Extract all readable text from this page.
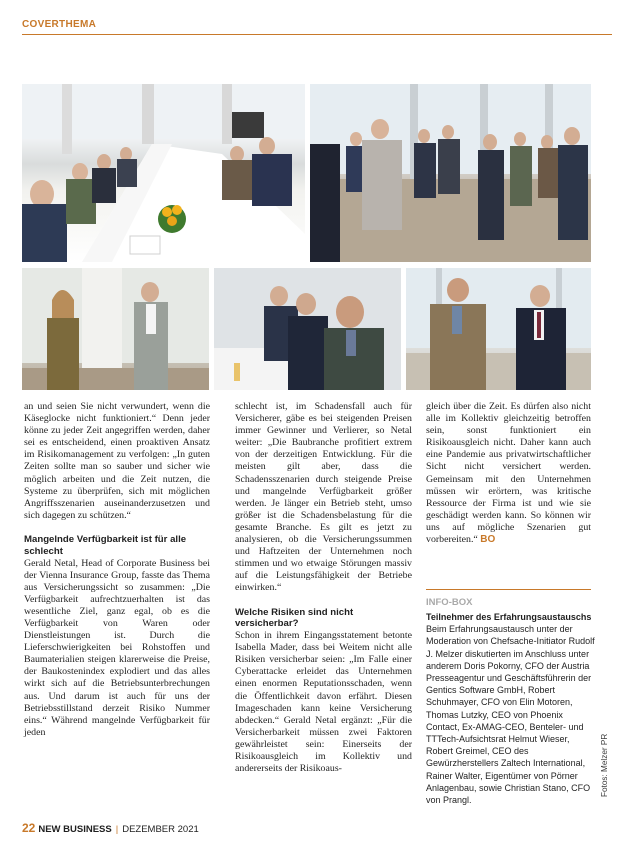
COVERTHEMA

an und seien Sie nicht verwundert, wenn die Käseglocke nicht funktioniert.“ Denn jeder könne zu jeder Zeit angegriffen werden, daher sei es entscheidend, einen proaktiven Ansatz im Risikomanagement zu verfolgen: „In guten Zeiten sollte man so sauber und sicher wie möglich arbeiten und die Zeit nutzen, die Systeme zu überprüfen, sich mit möglichen Angriffsszenarien auseinanderzusetzen und sich dagegen zu schützen.“

Mangelnde Verfügbarkeit ist für alle schlecht

Gerald Netal, Head of Corporate Business bei der Vienna Insurance Group, fasste das Thema aus Versicherungssicht so zusammen: „Die Verfügbarkeit aufrechtzuerhalten ist das wesentliche Ziel, ganz egal, ob es die Verfügbarkeit von Waren oder Dienstleistungen ist. Durch die Lieferschwierigkeiten bei Rohstoffen und Baumaterialien steigen klarerweise die Preise, der Baukostenindex explodiert und das alles wirkt sich auf die Betriebsunterbrechungen aus. Und darum ist auch für uns der Betriebsstillstand derzeit Risiko Nummer eins.“ Während mangelnde Verfügbarkeit für jeden

schlecht ist, im Schadensfall auch für Versicherer, gäbe es bei steigenden Preisen immer Gewinner und Verlierer, so Netal weiter: „Die Baubranche profitiert extrem von der derzeitigen Entwicklung. Für die meisten gilt aber, dass die Schadensszenarien durch steigende Preise und mangelnde Verfügbarkeit größer werden. Je länger ein Betrieb steht, umso größer ist die Schadensbelastung für die gesamte Branche. Es gilt es jetzt zu analysieren, ob die Versicherungssummen und Haftzeiten der Unternehmen noch stimmen und wo etwaige Störungen massiv auf die Leistungsfähigkeit der Betriebe einwirken.“

Welche Risiken sind nicht versicherbar?

Schon in ihrem Eingangsstatement betonte Isabella Mader, dass bei Weitem nicht alle Risiken versicherbar seien: „Im Falle einer Cyberattacke erleidet das Unternehmen einen enormen Reputationsschaden, wenn die Öffentlichkeit davon erfährt. Diesen Imageschaden kann keine Versicherung abdecken.“ Gerald Netal ergänzt: „Für die Versicherbarkeit müssen zwei Faktoren gewährleistet sein: Einerseits der Risikoausgleich im Kollektiv und andererseits der Risikoaus-

gleich über die Zeit. Es dürfen also nicht alle im Kollektiv gleichzeitig betroffen sein, sonst funktioniert ein Risikoausgleich nicht. Daher kann auch eine Pandemie aus privatwirtschaftlicher Sicht nicht versichert werden. Gemeinsam mit den Unternehmen müssen wir erörtern, was kritische Ressource der Firma ist und wie sie geschädigt werden kann. So können wir uns auf mögliche Szenarien gut vorbereiten.“ BO

INFO-BOX
Teilnehmer des Erfahrungsaustauschs
Beim Erfahrungsaustausch unter der Moderation von Chefsache-Initiator Rudolf J. Melzer diskutierten im Anschluss unter anderem Doris Pokorny, CFO der Austria Presseagentur und Geschäftsführerin der Gentics Software GmbH, Robert Schuhmayer, CFO von Elin Motoren, Thomas Lutzky, CEO von Phoenix Contact, Ex-AMAG-CEO, Benteler- und TTTech-Aufsichtsrat Helmut Wieser, Robert Greimel, CEO des Gewürzherstellers Zaltech International, Rainer Walter, Eigentümer von Pörner Anlagenbau, sowie Christian Stano, CFO von Prangl.
Fotos: Melzer PR
22 NEW BUSINESS | DEZEMBER 2021
